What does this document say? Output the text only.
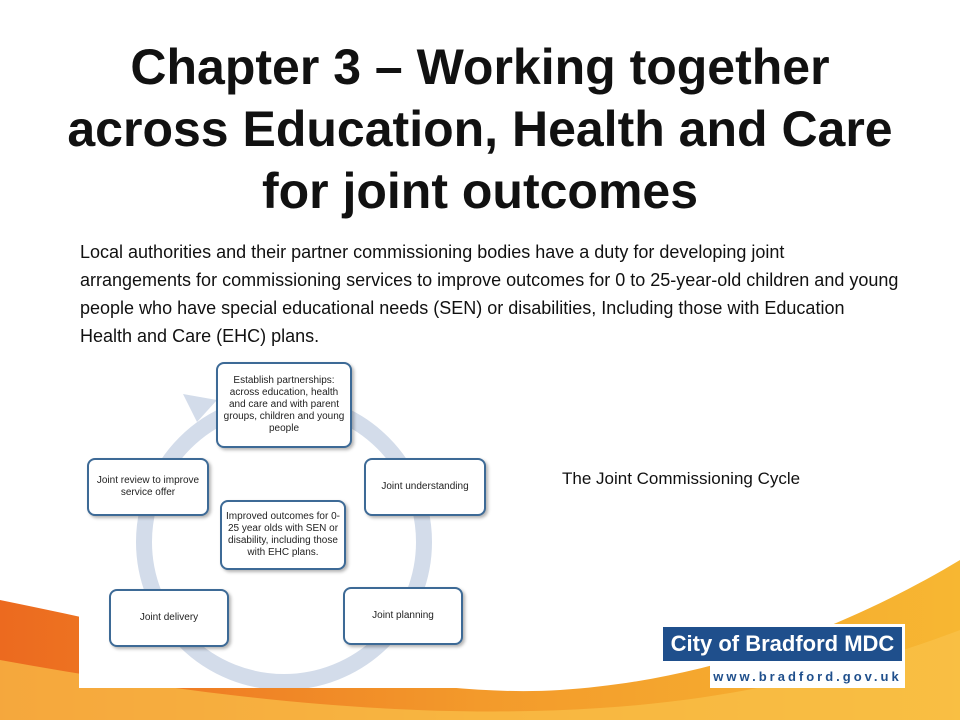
Chapter 3 – Working together across Education, Health and Care for joint outcomes

Local authorities and their partner commissioning bodies have a duty for developing joint arrangements for commissioning services to improve outcomes for 0 to 25-year-old children and young people who have special educational needs (SEN) or disabilities, Including those with Education Health and Care (EHC) plans.

Establish partnerships: across education, health and care and with parent groups, children and young people
Joint understanding
Joint review to improve service offer
Improved outcomes for 0-25 year olds with SEN or disability, including those with EHC plans.
Joint delivery	Joint planning
The Joint Commissioning Cycle
City of Bradford MDC
www.bradford.gov.uk
